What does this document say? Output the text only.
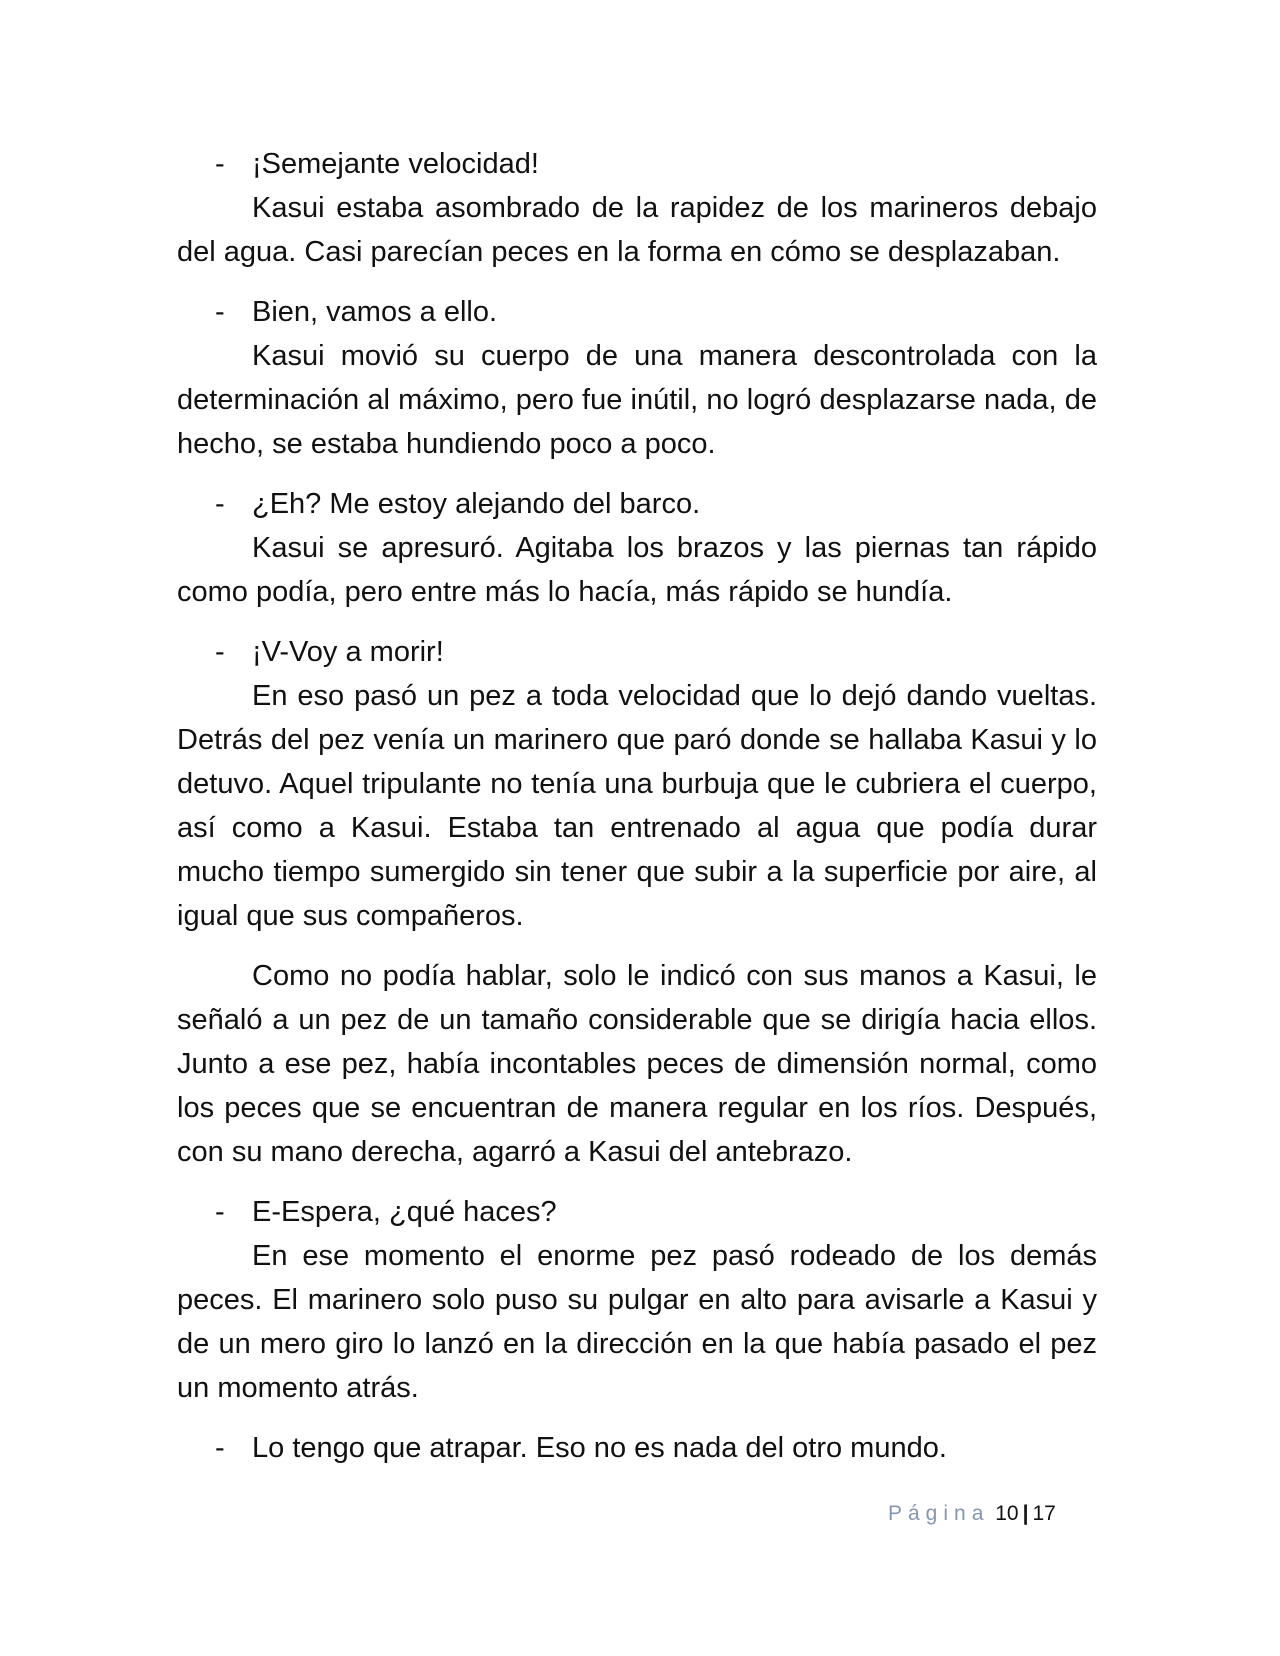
- ¡Semejante velocidad!

Kasui estaba asombrado de la rapidez de los marineros debajo del agua. Casi parecían peces en la forma en cómo se desplazaban.

- Bien, vamos a ello.

Kasui movió su cuerpo de una manera descontrolada con la determinación al máximo, pero fue inútil, no logró desplazarse nada, de hecho, se estaba hundiendo poco a poco.

- ¿Eh? Me estoy alejando del barco.

Kasui se apresuró. Agitaba los brazos y las piernas tan rápido como podía, pero entre más lo hacía, más rápido se hundía.

- ¡V-Voy a morir!

En eso pasó un pez a toda velocidad que lo dejó dando vueltas. Detrás del pez venía un marinero que paró donde se hallaba Kasui y lo detuvo. Aquel tripulante no tenía una burbuja que le cubriera el cuerpo, así como a Kasui. Estaba tan entrenado al agua que podía durar mucho tiempo sumergido sin tener que subir a la superficie por aire, al igual que sus compañeros.

Como no podía hablar, solo le indicó con sus manos a Kasui, le señaló a un pez de un tamaño considerable que se dirigía hacia ellos. Junto a ese pez, había incontables peces de dimensión normal, como los peces que se encuentran de manera regular en los ríos. Después, con su mano derecha, agarró a Kasui del antebrazo.

- E-Espera, ¿qué haces?

En ese momento el enorme pez pasó rodeado de los demás peces. El marinero solo puso su pulgar en alto para avisarle a Kasui y de un mero giro lo lanzó en la dirección en la que había pasado el pez un momento atrás.

- Lo tengo que atrapar. Eso no es nada del otro mundo.
Página 10 | 17
